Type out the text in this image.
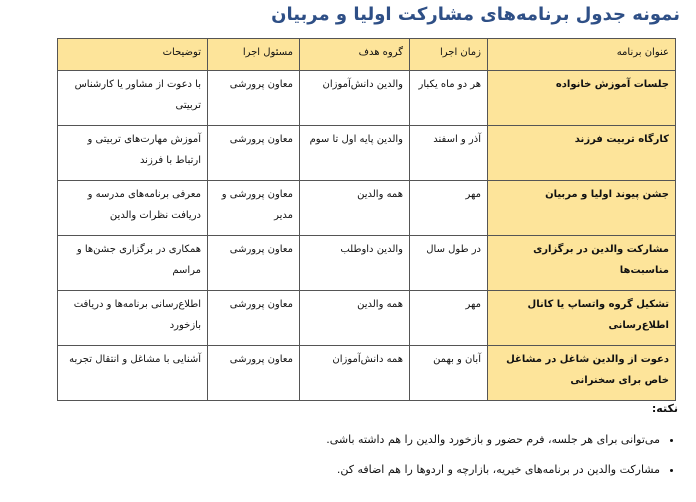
نمونه جدول برنامه‌های مشارکت اولیا و مربیان
عنوان برنامه	زمان اجرا	گروه هدف	مسئول اجرا	توضیحات
جلسات آموزش خانواده	هر دو ماه یکبار	والدین دانش‌آموزان	معاون پرورشی	با دعوت از مشاور یا کارشناس تربیتی
کارگاه تربیت فرزند	آذر و اسفند	والدین پایه اول تا سوم	معاون پرورشی	آموزش مهارت‌های تربیتی و ارتباط با فرزند
جشن پیوند اولیا و مربیان	مهر	همه والدین	معاون پرورشی و مدیر	معرفی برنامه‌های مدرسه و دریافت نظرات والدین
مشارکت والدین در برگزاری مناسبت‌ها	در طول سال	والدین داوطلب	معاون پرورشی	همکاری در برگزاری جشن‌ها و مراسم
تشکیل گروه واتساپ یا کانال اطلاع‌رسانی	مهر	همه والدین	معاون پرورشی	اطلاع‌رسانی برنامه‌ها و دریافت بازخورد
دعوت از والدین شاغل در مشاغل خاص برای سخنرانی	آبان و بهمن	همه دانش‌آموزان	معاون پرورشی	آشنایی با مشاغل و انتقال تجربه

نکته:

• می‌توانی برای هر جلسه، فرم حضور و بازخورد والدین را هم داشته باشی.
• مشارکت والدین در برنامه‌های خیریه، بازارچه و اردوها را هم اضافه کن.
